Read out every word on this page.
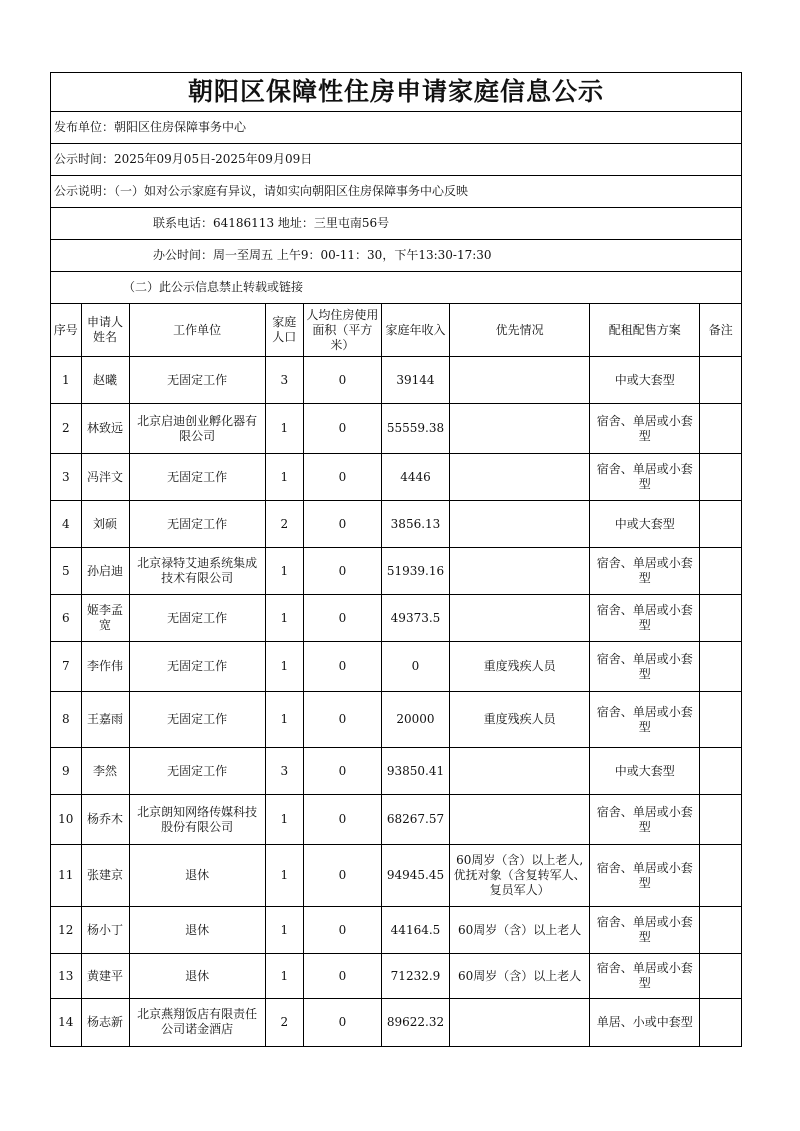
朝阳区保障性住房申请家庭信息公示
发布单位：朝阳区住房保障事务中心
公示时间：2025年09月05日-2025年09月09日
公示说明：（一）如对公示家庭有异议，请如实向朝阳区住房保障事务中心反映
联系电话：64186113 地址：三里屯南56号
办公时间：周一至周五 上午9：00-11：30，下午13:30-17:30
（二）此公示信息禁止转载或链接
序号	申请人姓名	工作单位	家庭人口	人均住房使用面积（平方米）	家庭年收入	优先情况	配租配售方案	备注
1	赵曦	无固定工作	3	0	39144		中或大套型	
2	林致远	北京启迪创业孵化器有限公司	1	0	55559.38		宿舍、单居或小套型	
3	冯泮文	无固定工作	1	0	4446		宿舍、单居或小套型	
4	刘硕	无固定工作	2	0	3856.13		中或大套型	
5	孙启迪	北京禄特艾迪系统集成技术有限公司	1	0	51939.16		宿舍、单居或小套型	
6	姬李孟宽	无固定工作	1	0	49373.5		宿舍、单居或小套型	
7	李作伟	无固定工作	1	0	0	重度残疾人员	宿舍、单居或小套型	
8	王嘉雨	无固定工作	1	0	20000	重度残疾人员	宿舍、单居或小套型	
9	李然	无固定工作	3	0	93850.41		中或大套型	
10	杨乔木	北京朗知网络传媒科技股份有限公司	1	0	68267.57		宿舍、单居或小套型	
11	张建京	退休	1	0	94945.45	60周岁（含）以上老人,优抚对象（含复转军人、复员军人）	宿舍、单居或小套型	
12	杨小丁	退休	1	0	44164.5	60周岁（含）以上老人	宿舍、单居或小套型	
13	黄建平	退休	1	0	71232.9	60周岁（含）以上老人	宿舍、单居或小套型	
14	杨志新	北京燕翔饭店有限责任公司诺金酒店	2	0	89622.32		单居、小或中套型	
